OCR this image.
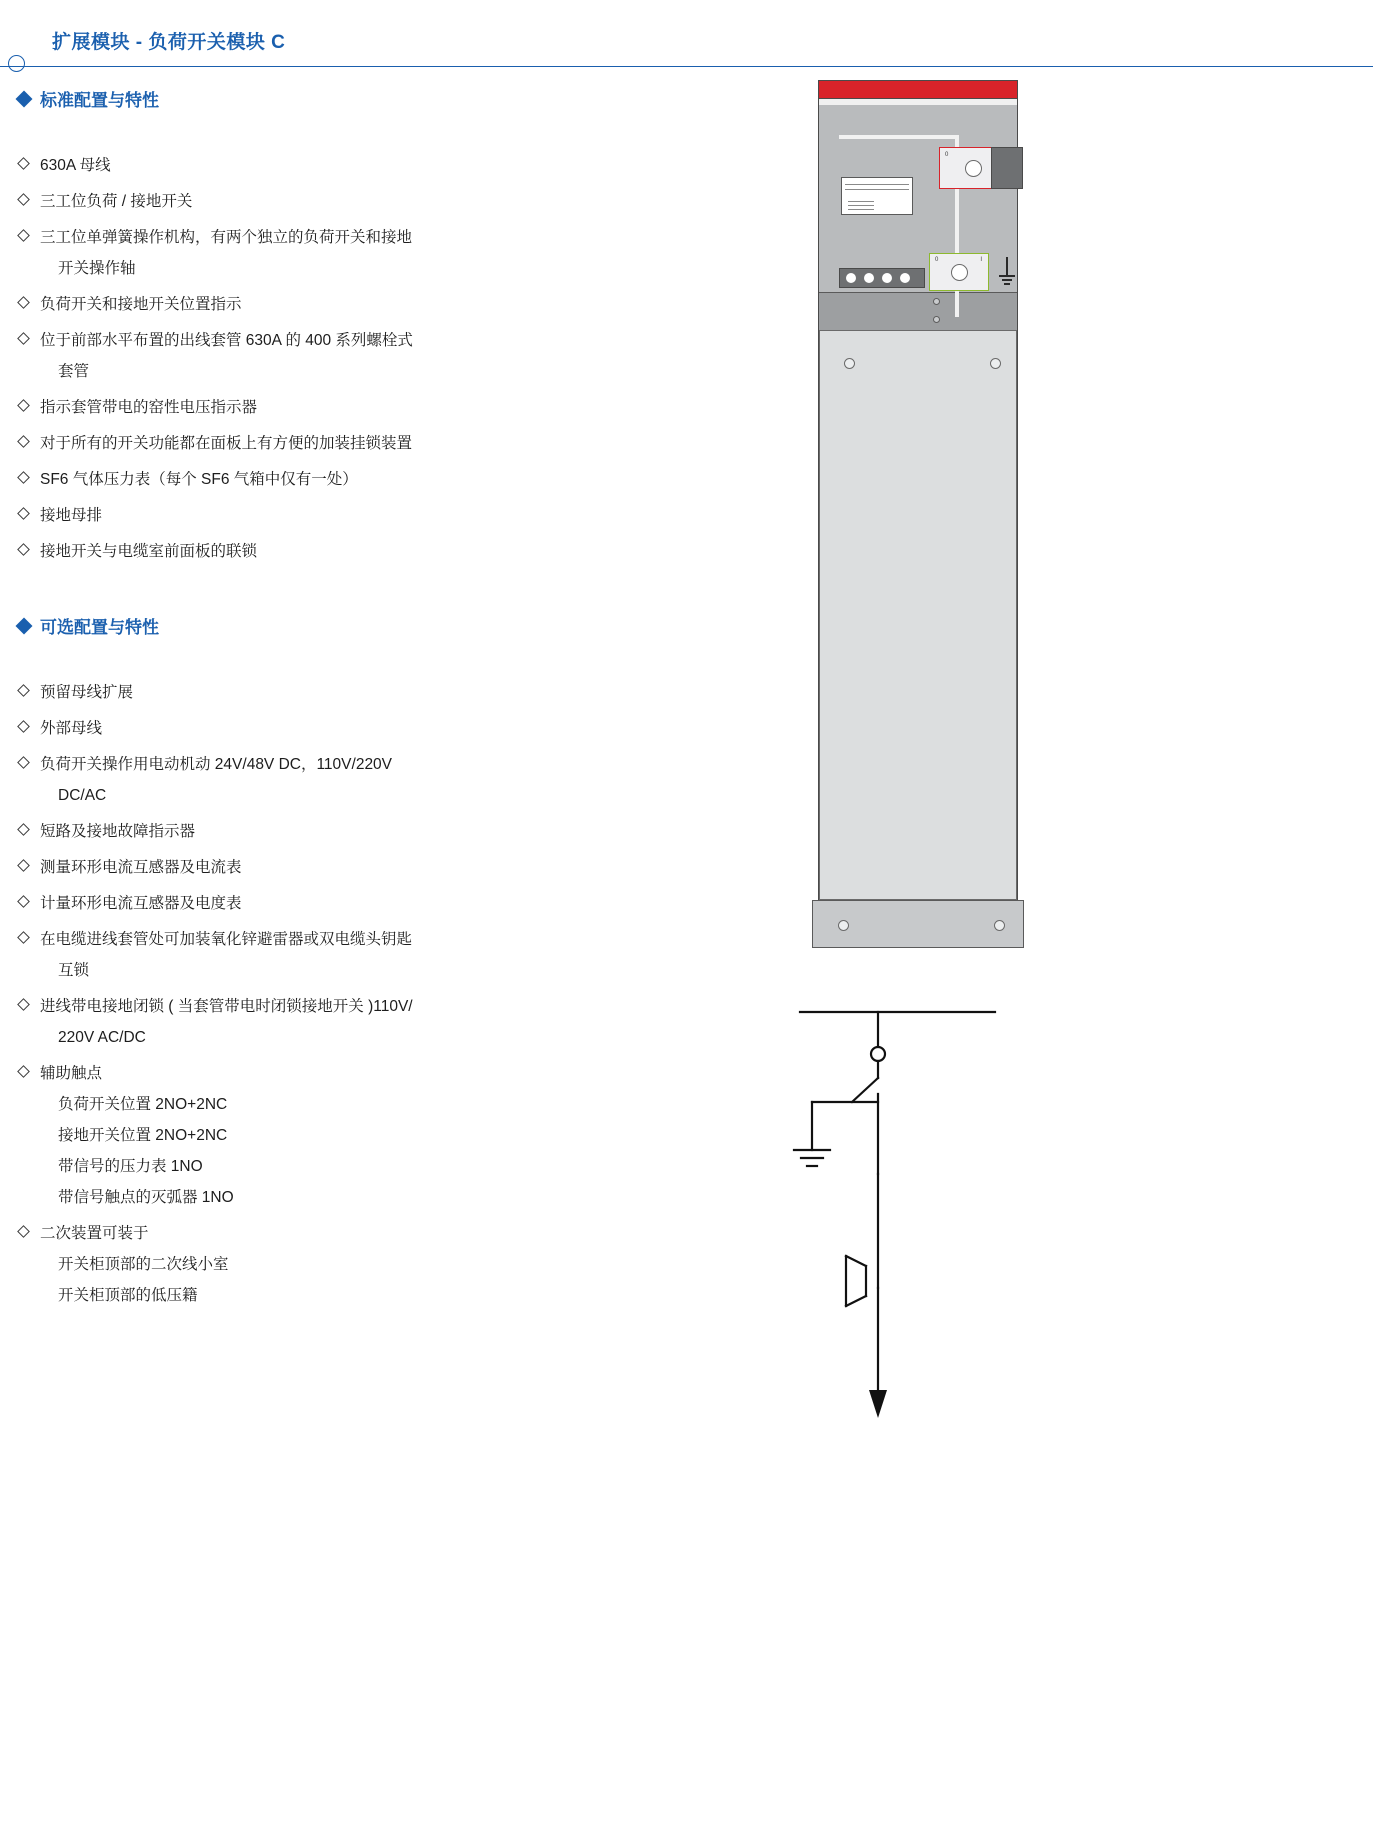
扩展模块 - 负荷开关模块 C
标准配置与特性
630A 母线
三工位负荷 / 接地开关
三工位单弹簧操作机构，有两个独立的负荷开关和接地
开关操作轴
负荷开关和接地开关位置指示
位于前部水平布置的出线套管 630A 的 400 系列螺栓式
套管
指示套管带电的窑性电压指示器
对于所有的开关功能都在面板上有方便的加装挂锁装置
SF6 气体压力表（每个 SF6 气箱中仅有一处）
接地母排
接地开关与电缆室前面板的联锁
可选配置与特性
预留母线扩展
外部母线
负荷开关操作用电动机动 24V/48V DC，110V/220V
DC/AC
短路及接地故障指示器
测量环形电流互感器及电流表
计量环形电流互感器及电度表
在电缆进线套管处可加装氧化锌避雷器或双电缆头钥匙
互锁
进线带电接地闭锁 ( 当套管带电时闭锁接地开关 )110V/
220V AC/DC
辅助触点
负荷开关位置 2NO+2NC
接地开关位置 2NO+2NC
带信号的压力表 1NO
带信号触点的灭弧器 1NO
二次装置可装于
开关柜顶部的二次线小室
开关柜顶部的低压籍
0
0	I
